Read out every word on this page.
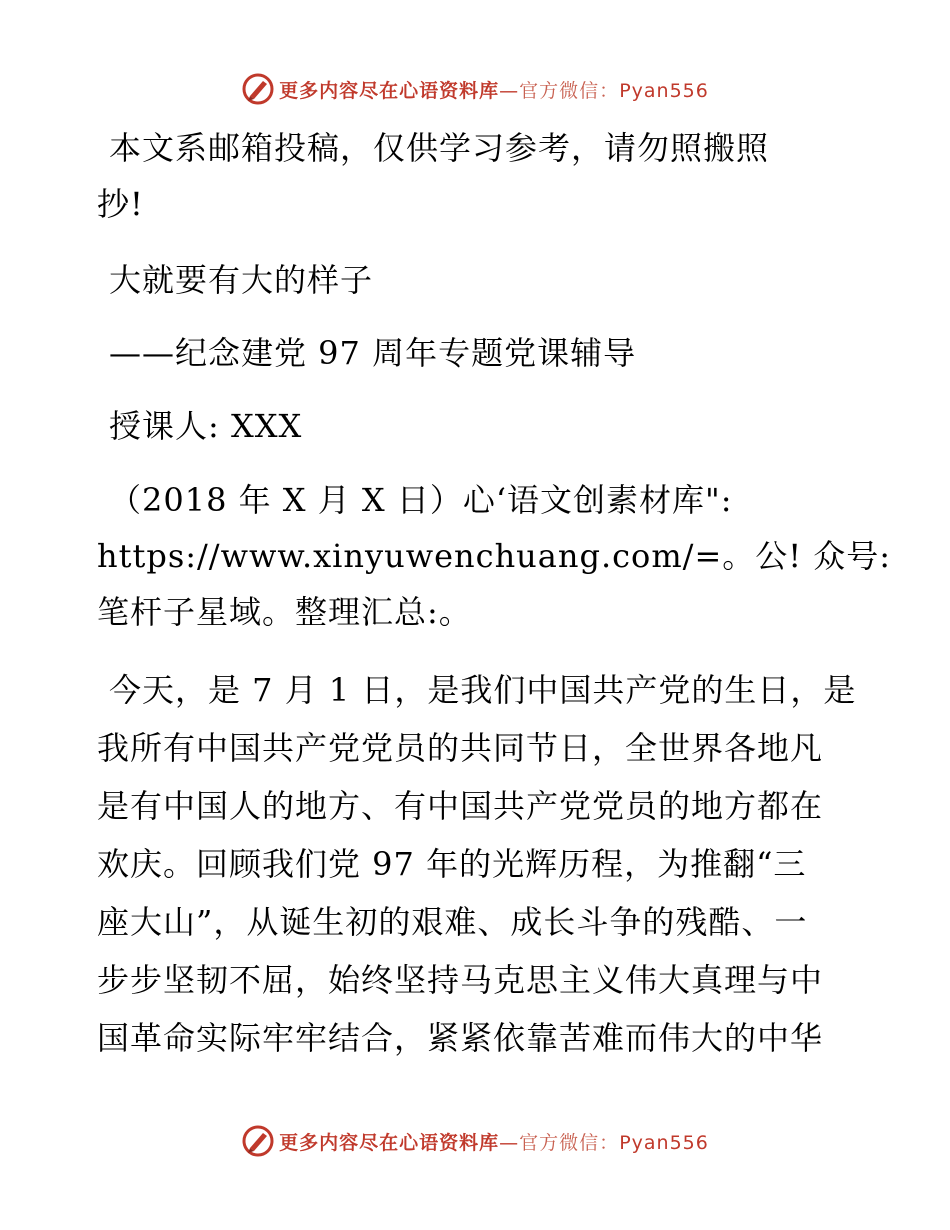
更多内容尽在心语资料库—官方微信：Pyan556

本文系邮箱投稿，仅供学习参考，请勿照搬照

抄!

大就要有大的样子

——纪念建党 97 周年专题党课辅导

授课人: XXX

（2018 年 X 月 X 日）心‘语文创素材库":

https://www.xinyuwenchuang.com/=。公! 众号:

笔杆子星域。整理汇总:。

今天，是 7 月 1 日，是我们中国共产党的生日，是

我所有中国共产党党员的共同节日，全世界各地凡

是有中国人的地方、有中国共产党党员的地方都在

欢庆。回顾我们党 97 年的光辉历程，为推翻“三

座大山”，从诞生初的艰难、成长斗争的残酷、一

步步坚韧不屈，始终坚持马克思主义伟大真理与中

国革命实际牢牢结合，紧紧依靠苦难而伟大的中华

更多内容尽在心语资料库—官方微信：Pyan556
